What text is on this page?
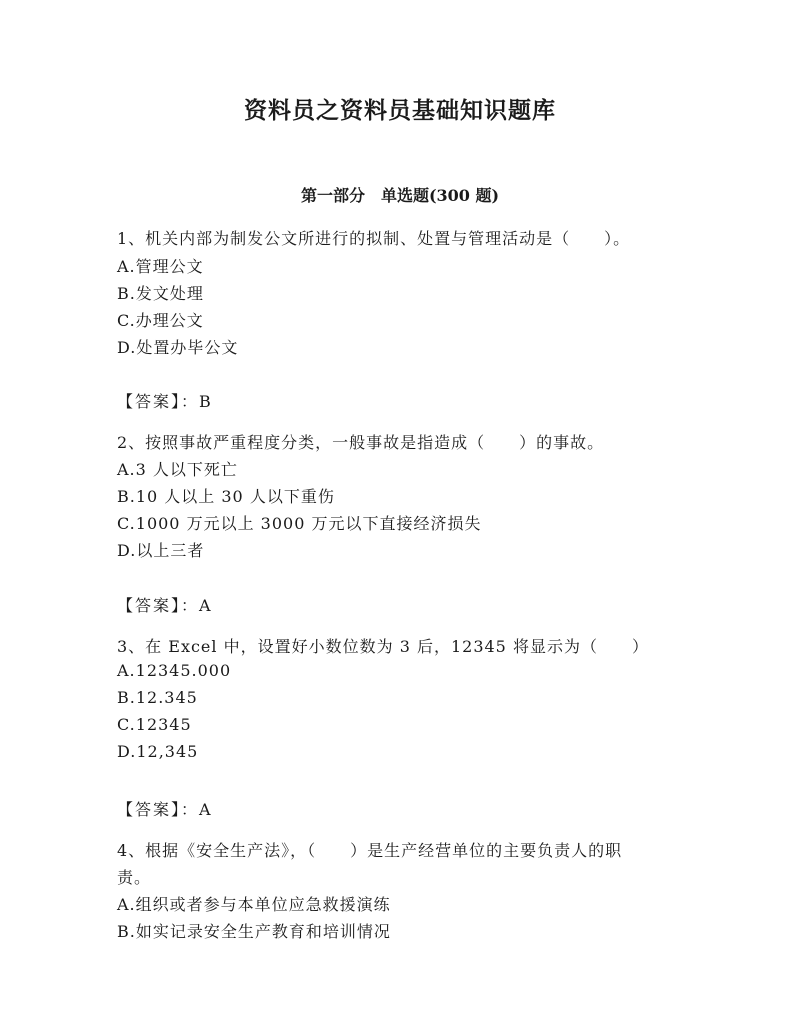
资料员之资料员基础知识题库
第一部分　单选题(300 题)
1、机关内部为制发公文所进行的拟制、处置与管理活动是（　　）。
A.管理公文
B.发文处理
C.办理公文
D.处置办毕公文
【答案】：B
2、按照事故严重程度分类，一般事故是指造成（　　）的事故。
A.3 人以下死亡
B.10 人以上 30 人以下重伤
C.1000 万元以上 3000 万元以下直接经济损失
D.以上三者
【答案】：A
3、在 Excel 中，设置好小数位数为 3 后，12345 将显示为（　　）
A.12345.000
B.12.345
C.12345
D.12,345
【答案】：A
4、根据《安全生产法》，（　　）是生产经营单位的主要负责人的职
责。
A.组织或者参与本单位应急救援演练
B.如实记录安全生产教育和培训情况
